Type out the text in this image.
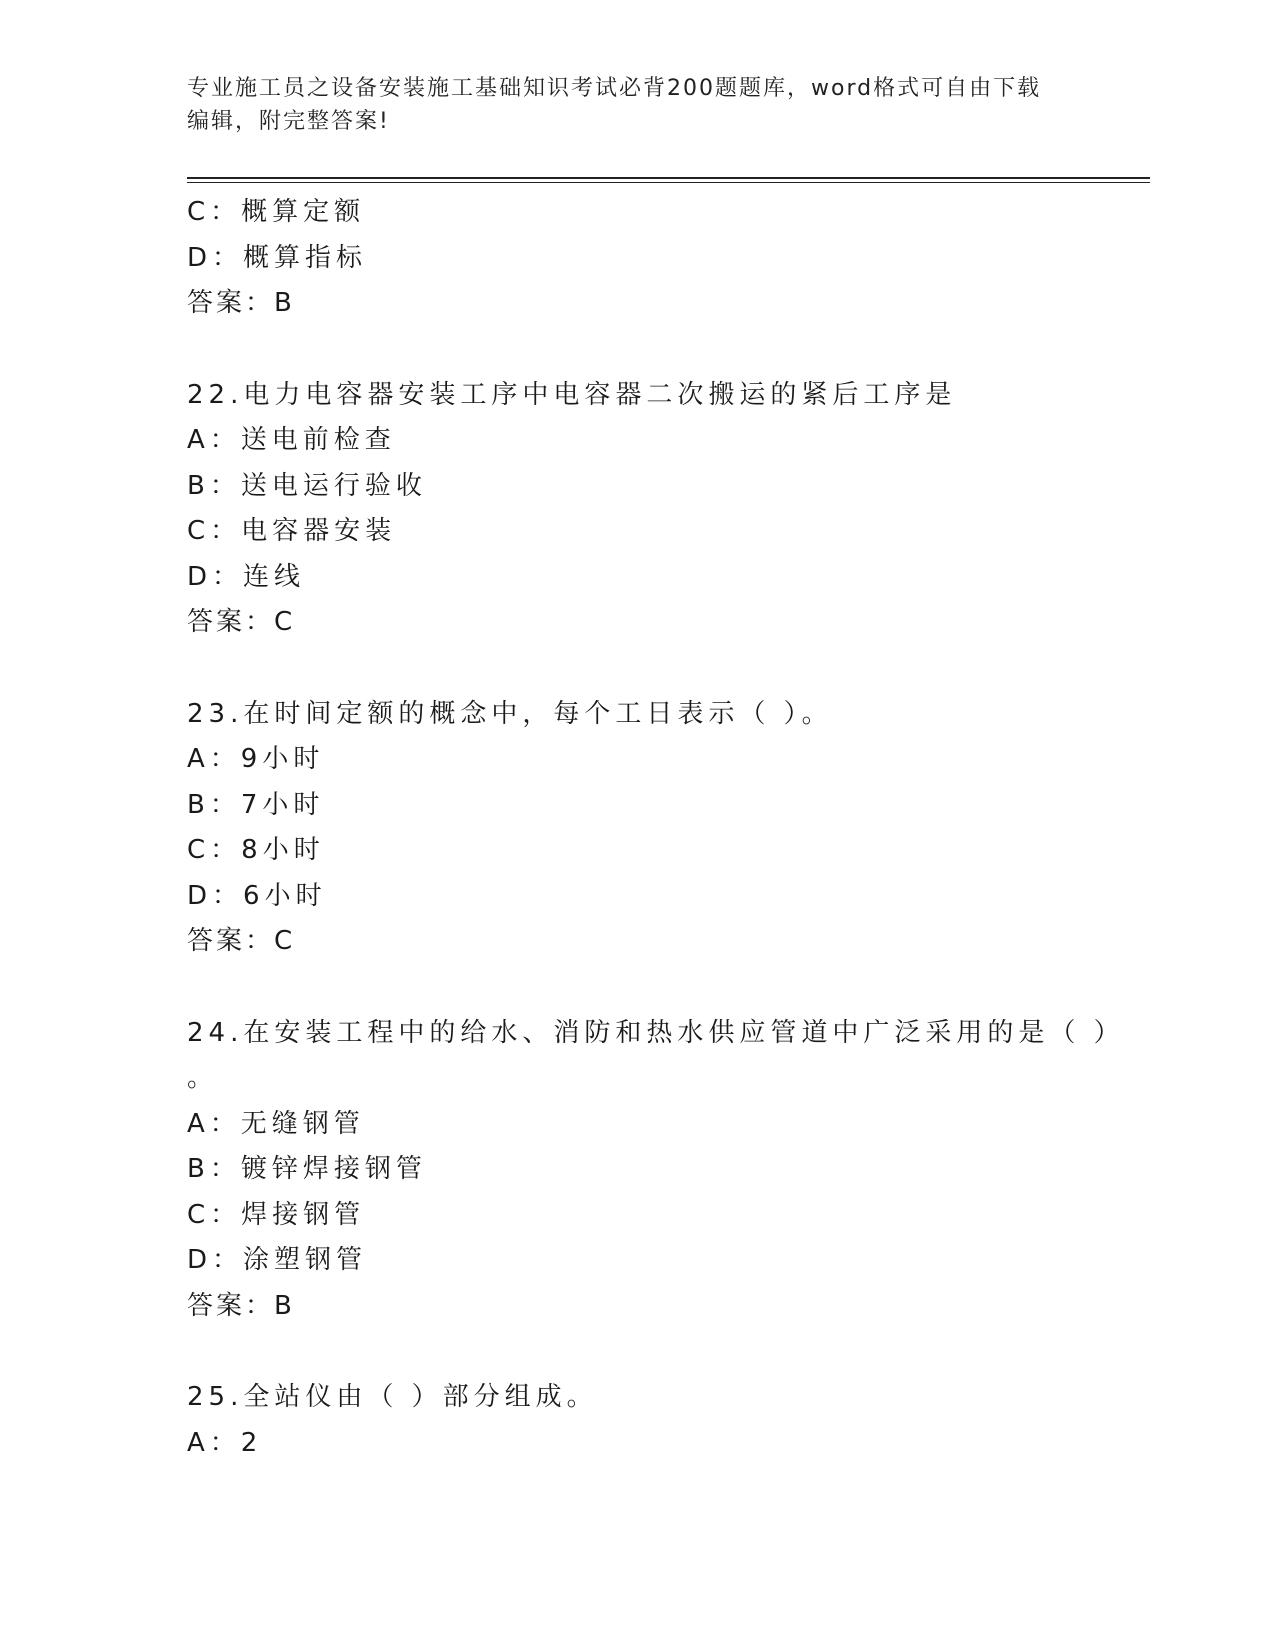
专业施工员之设备安装施工基础知识考试必背200题题库，word格式可自由下载
编辑，附完整答案!
C：概算定额
D：概算指标
答案：B
22.电力电容器安装工序中电容器二次搬运的紧后工序是
A：送电前检查
B：送电运行验收
C：电容器安装
D：连线
答案：C
23.在时间定额的概念中，每个工日表示（ ）。
A：9小时
B：7小时
C：8小时
D：6小时
答案：C
24.在安装工程中的给水、消防和热水供应管道中广泛采用的是（ ）
。
A：无缝钢管
B：镀锌焊接钢管
C：焊接钢管
D：涂塑钢管
答案：B
25.全站仪由（ ）部分组成。
A：2
